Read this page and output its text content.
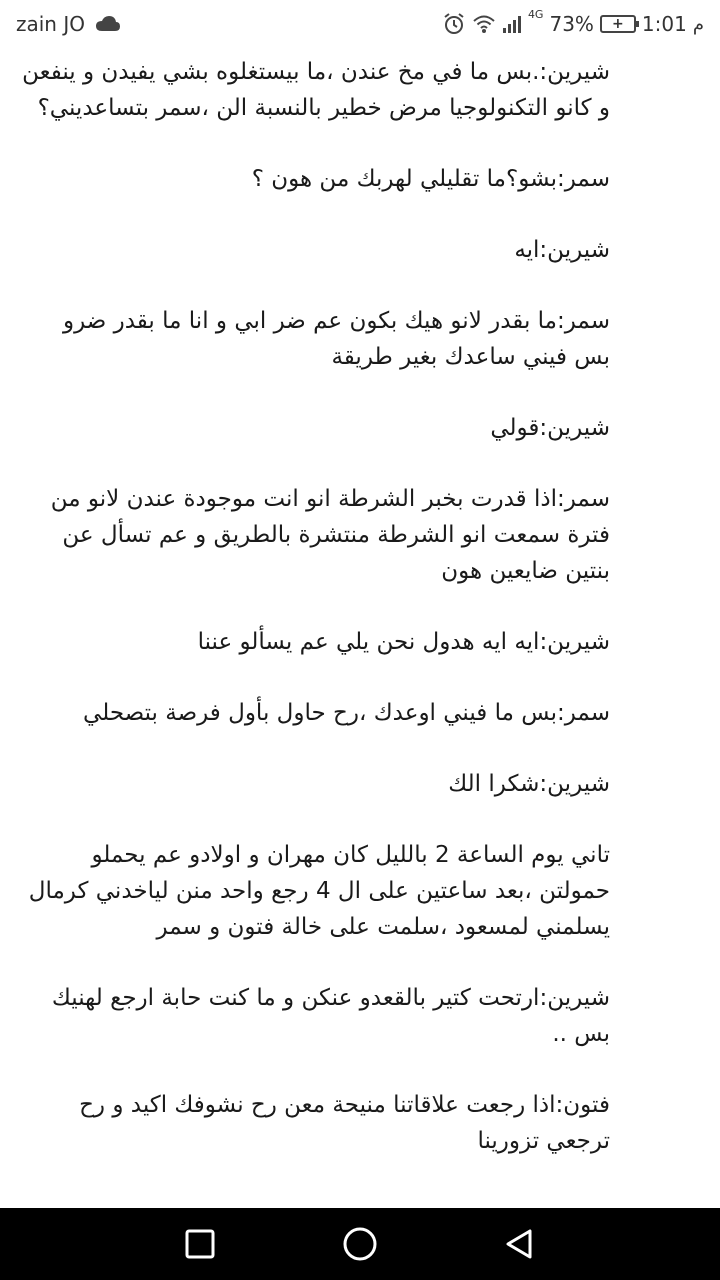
zain JO	4G 73% + 1:01 م

شيرين:.بس ما في مخ عندن ،ما بيستغلوه بشي يفيدن و ينفعن و كانو التكنولوجيا مرض خطير بالنسبة الن ،سمر بتساعديني؟

سمر:بشو؟ما تقليلي لهربك من هون ؟

شيرين:ايه

سمر:ما بقدر لانو هيك بكون عم ضر ابي و انا ما بقدر ضرو بس فيني ساعدك بغير طريقة

شيرين:قولي

سمر:اذا قدرت بخبر الشرطة انو انت موجودة عندن لانو من فترة سمعت انو الشرطة منتشرة بالطريق و عم تسأل عن بنتين ضايعين هون

شيرين:ايه ايه هدول نحن يلي عم يسألو عننا

سمر:بس ما فيني اوعدك ،رح حاول بأول فرصة بتصحلي

شيرين:شكرا الك

تاني يوم الساعة 2 بالليل كان مهران و اولادو عم يحملو حمولتن ،بعد ساعتين على ال 4 رجع واحد منن لياخدني كرمال يسلمني لمسعود ،سلمت على خالة فتون و سمر

شيرين:ارتحت كتير بالقعدو عنكن و ما كنت حابة ارجع لهنيك بس ..

فتون:اذا رجعت علاقاتنا منيحة معن رح نشوفك اكيد و رح ترجعي تزورينا
